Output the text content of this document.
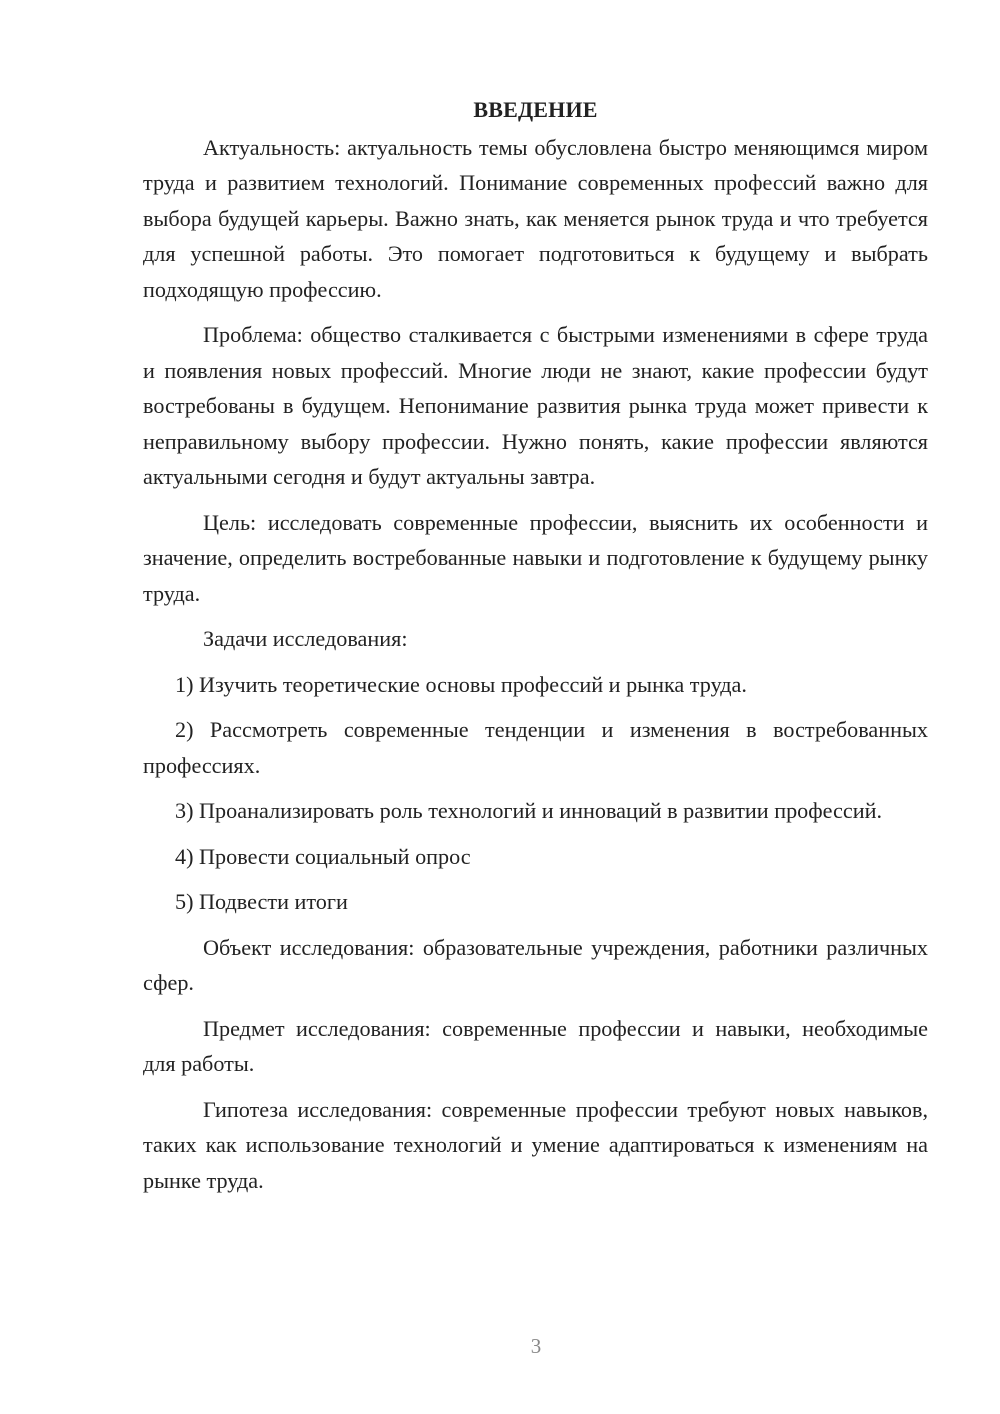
ВВЕДЕНИЕ

Актуальность: актуальность темы обусловлена быстро меняющимся миром труда и развитием технологий. Понимание современных профессий важно для выбора будущей карьеры. Важно знать, как меняется рынок труда и что требуется для успешной работы. Это помогает подготовиться к будущему и выбрать подходящую профессию.

Проблема: общество сталкивается с быстрыми изменениями в сфере труда и появления новых профессий. Многие люди не знают, какие профессии будут востребованы в будущем. Непонимание развития рынка труда может привести к неправильному выбору профессии. Нужно понять, какие профессии являются актуальными сегодня и будут актуальны завтра.

Цель: исследовать современные профессии, выяснить их особенности и значение, определить востребованные навыки и подготовление к будущему рынку труда.

Задачи исследования:

1) Изучить теоретические основы профессий и рынка труда.

2) Рассмотреть современные тенденции и изменения в востребованных профессиях.

3) Проанализировать роль технологий и инноваций в развитии профессий.

4) Провести социальный опрос

5) Подвести итоги

Объект исследования: образовательные учреждения, работники различных сфер.

Предмет исследования: современные профессии и навыки, необходимые для работы.

Гипотеза исследования: современные профессии требуют новых навыков, таких как использование технологий и умение адаптироваться к изменениям на рынке труда.

3
